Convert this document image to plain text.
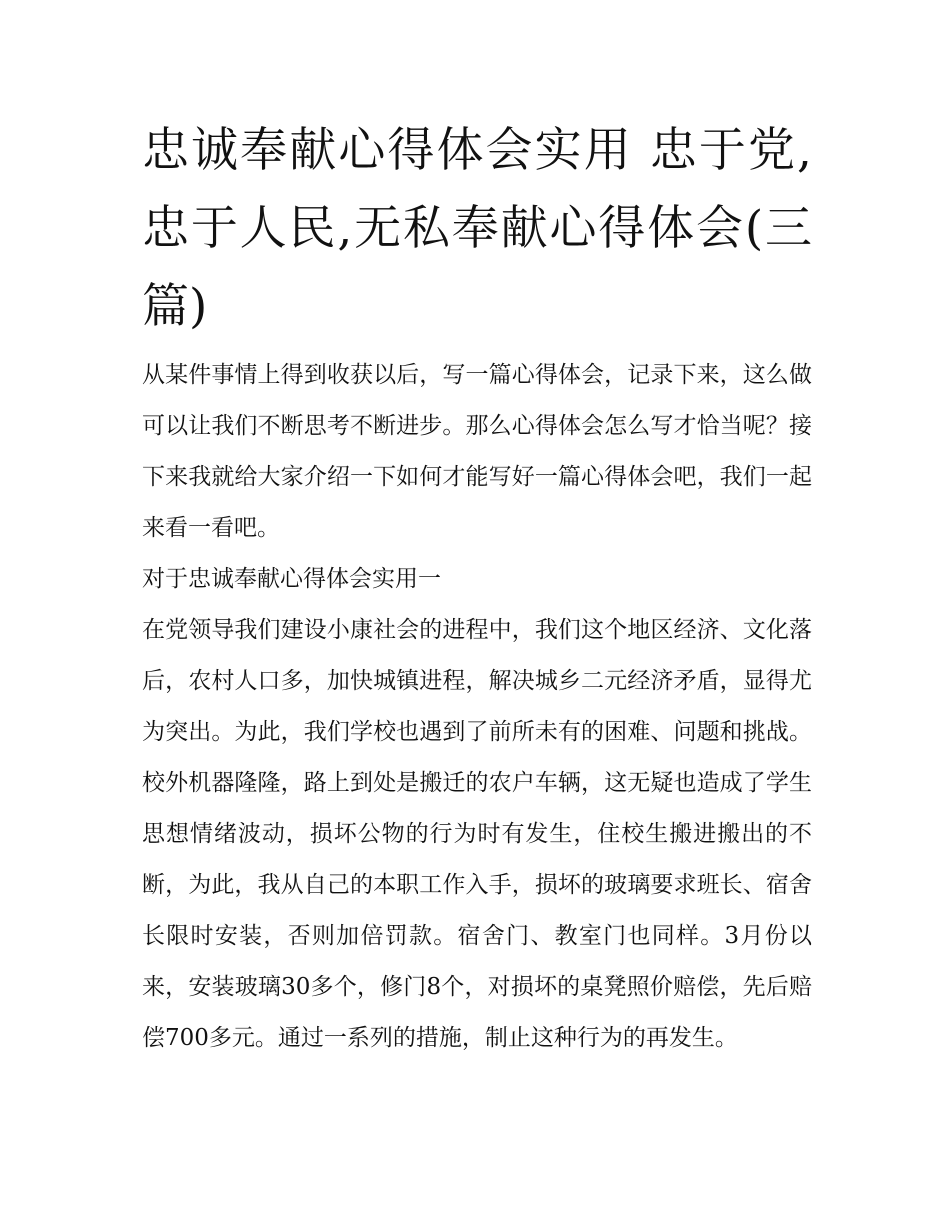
忠诚奉献心得体会实用 忠于党,忠于人民,无私奉献心得体会(三篇)

从某件事情上得到收获以后，写一篇心得体会，记录下来，这么做可以让我们不断思考不断进步。那么心得体会怎么写才恰当呢？接下来我就给大家介绍一下如何才能写好一篇心得体会吧，我们一起来看一看吧。

对于忠诚奉献心得体会实用一

在党领导我们建设小康社会的进程中，我们这个地区经济、文化落后，农村人口多，加快城镇进程，解决城乡二元经济矛盾，显得尤为突出。为此，我们学校也遇到了前所未有的困难、问题和挑战。校外机器隆隆，路上到处是搬迁的农户车辆，这无疑也造成了学生思想情绪波动，损坏公物的行为时有发生，住校生搬进搬出的不断，为此，我从自己的本职工作入手，损坏的玻璃要求班长、宿舍长限时安装，否则加倍罚款。宿舍门、教室门也同样。3月份以来，安装玻璃30多个，修门8个，对损坏的桌凳照价赔偿，先后赔偿700多元。通过一系列的措施，制止这种行为的再发生。
